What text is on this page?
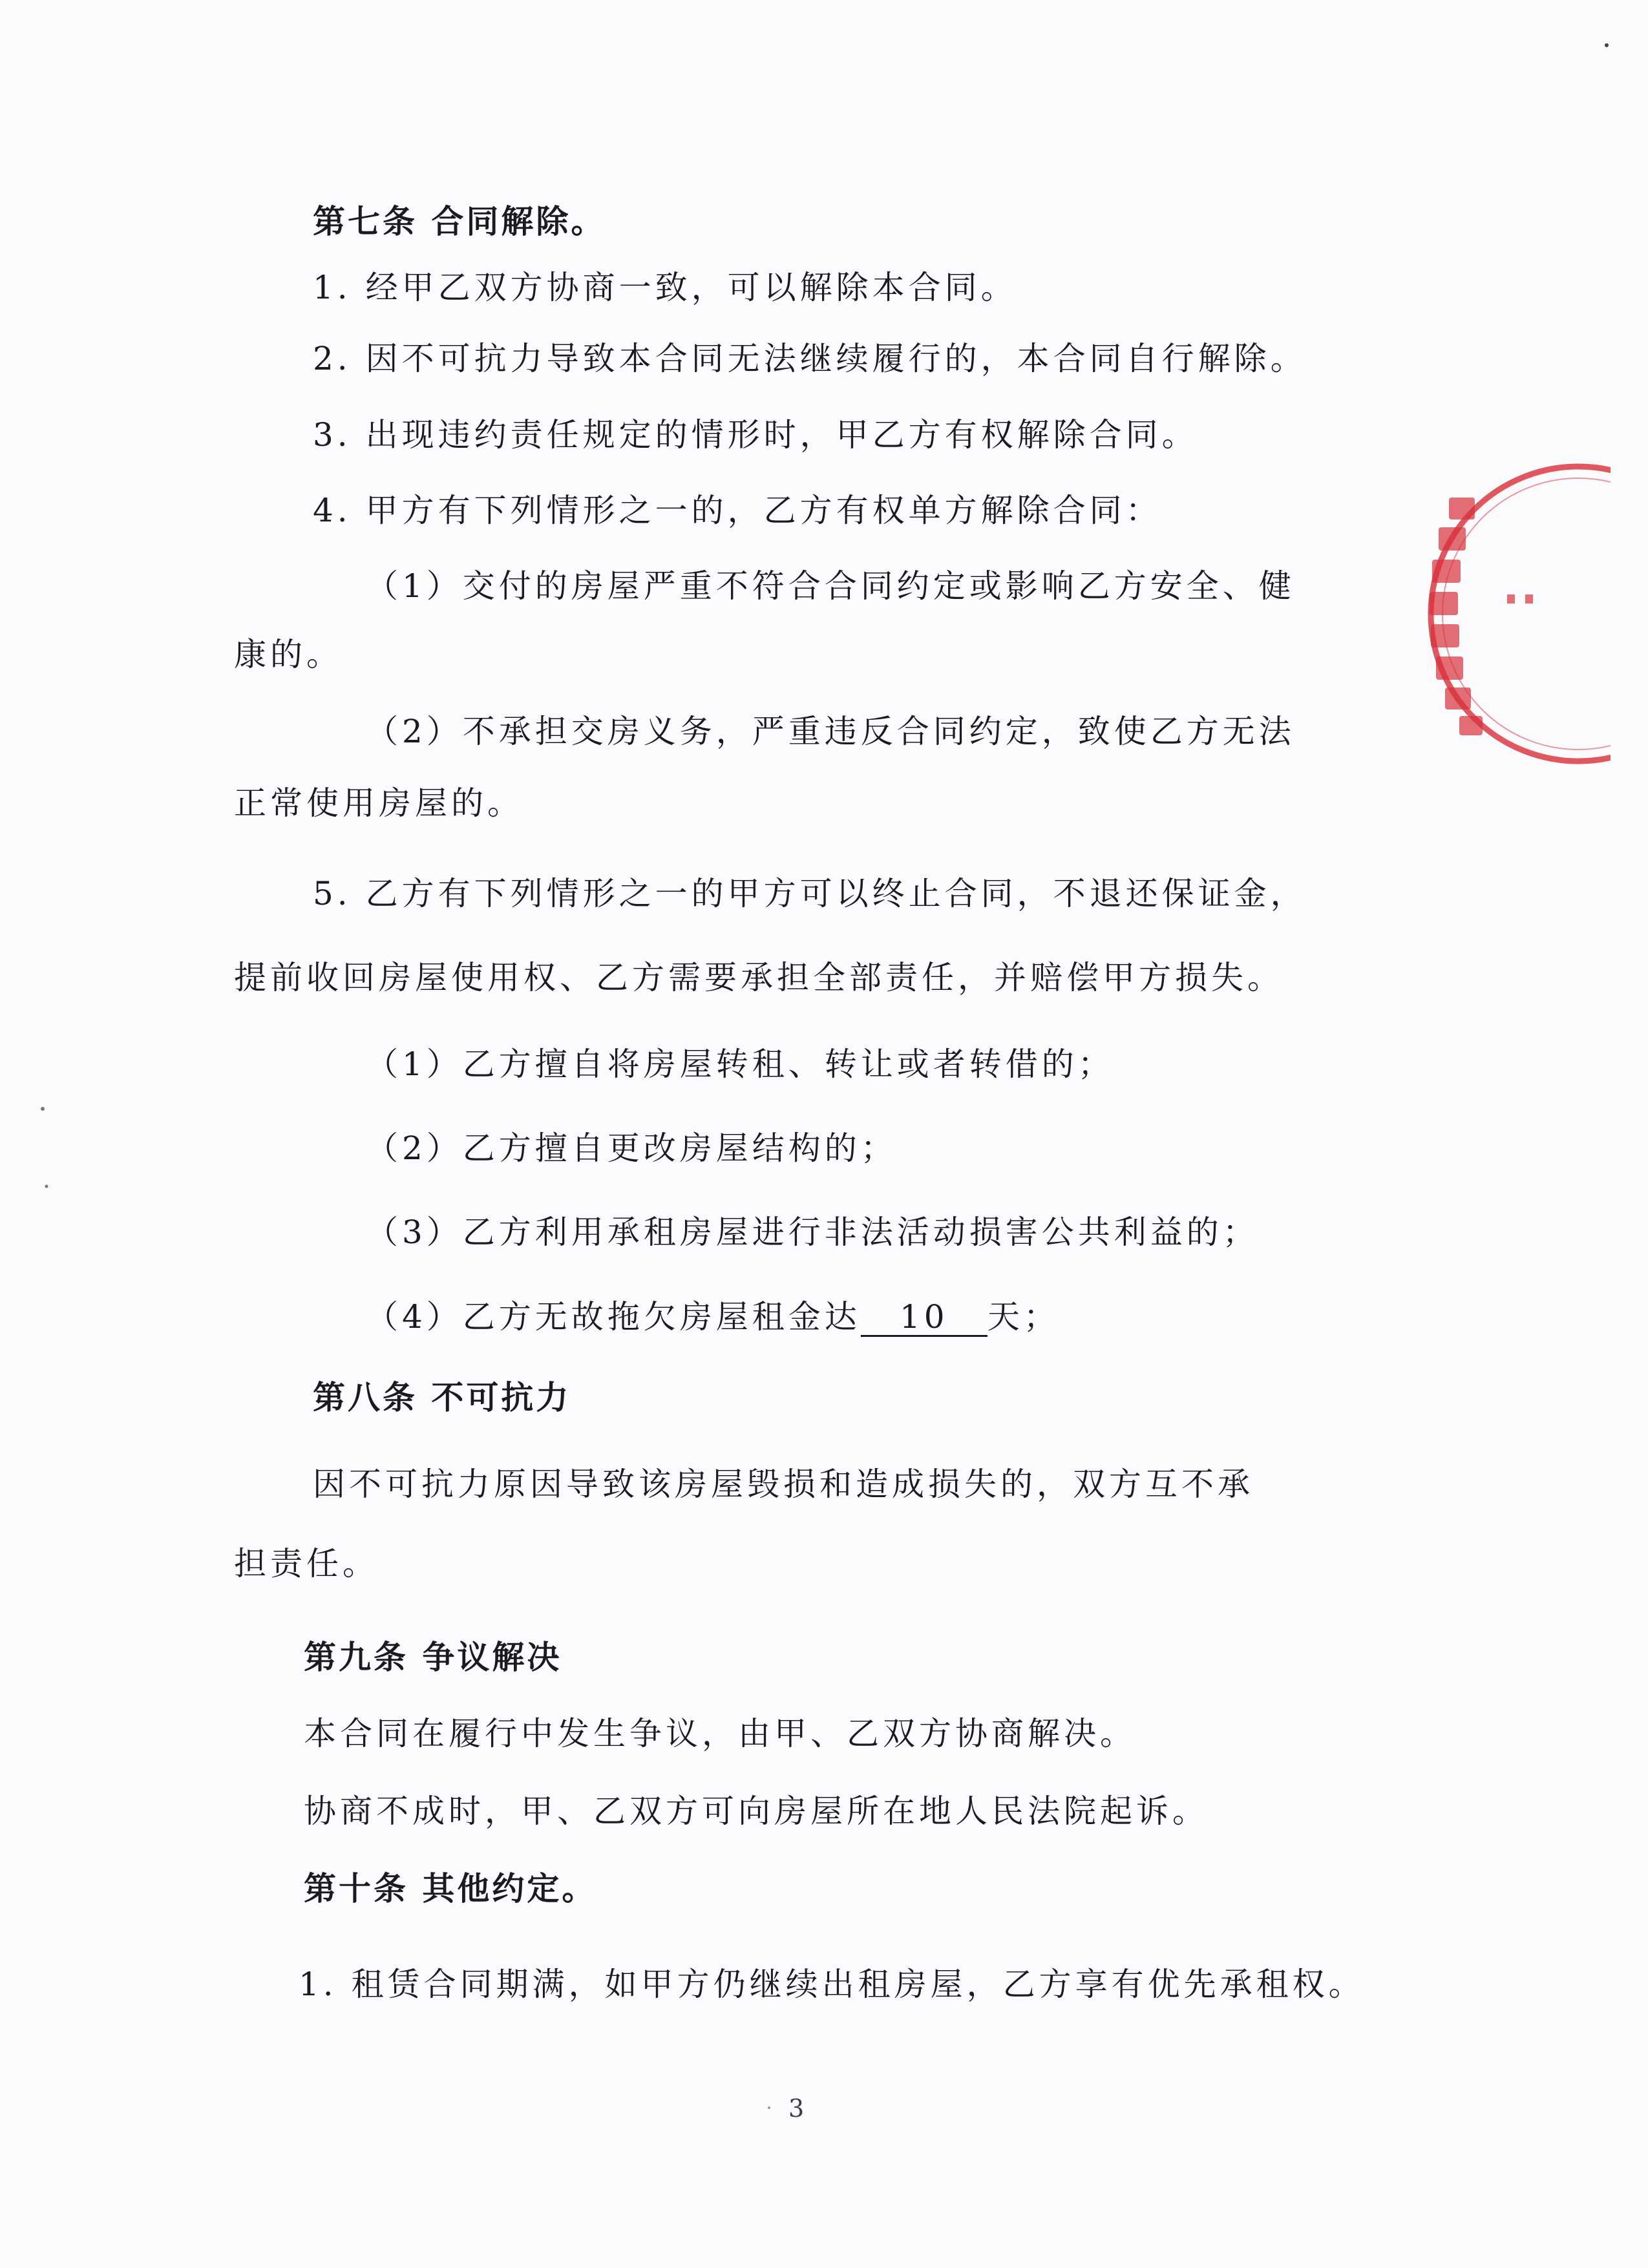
第七条 合同解除。
1. 经甲乙双方协商一致，可以解除本合同。
2. 因不可抗力导致本合同无法继续履行的，本合同自行解除。
3. 出现违约责任规定的情形时，甲乙方有权解除合同。
4. 甲方有下列情形之一的，乙方有权单方解除合同：
（1）交付的房屋严重不符合合同约定或影响乙方安全、健
康的。
（2）不承担交房义务，严重违反合同约定，致使乙方无法
正常使用房屋的。
5. 乙方有下列情形之一的甲方可以终止合同，不退还保证金，
提前收回房屋使用权、乙方需要承担全部责任，并赔偿甲方损失。
（1）乙方擅自将房屋转租、转让或者转借的；
（2）乙方擅自更改房屋结构的；
（3）乙方利用承租房屋进行非法活动损害公共利益的；
（4）乙方无故拖欠房屋租金达 10 天；
第八条 不可抗力
因不可抗力原因导致该房屋毁损和造成损失的，双方互不承
担责任。
第九条 争议解决
本合同在履行中发生争议，由甲、乙双方协商解决。
协商不成时，甲、乙双方可向房屋所在地人民法院起诉。
第十条 其他约定。
1. 租赁合同期满，如甲方仍继续出租房屋，乙方享有优先承租权。
3
